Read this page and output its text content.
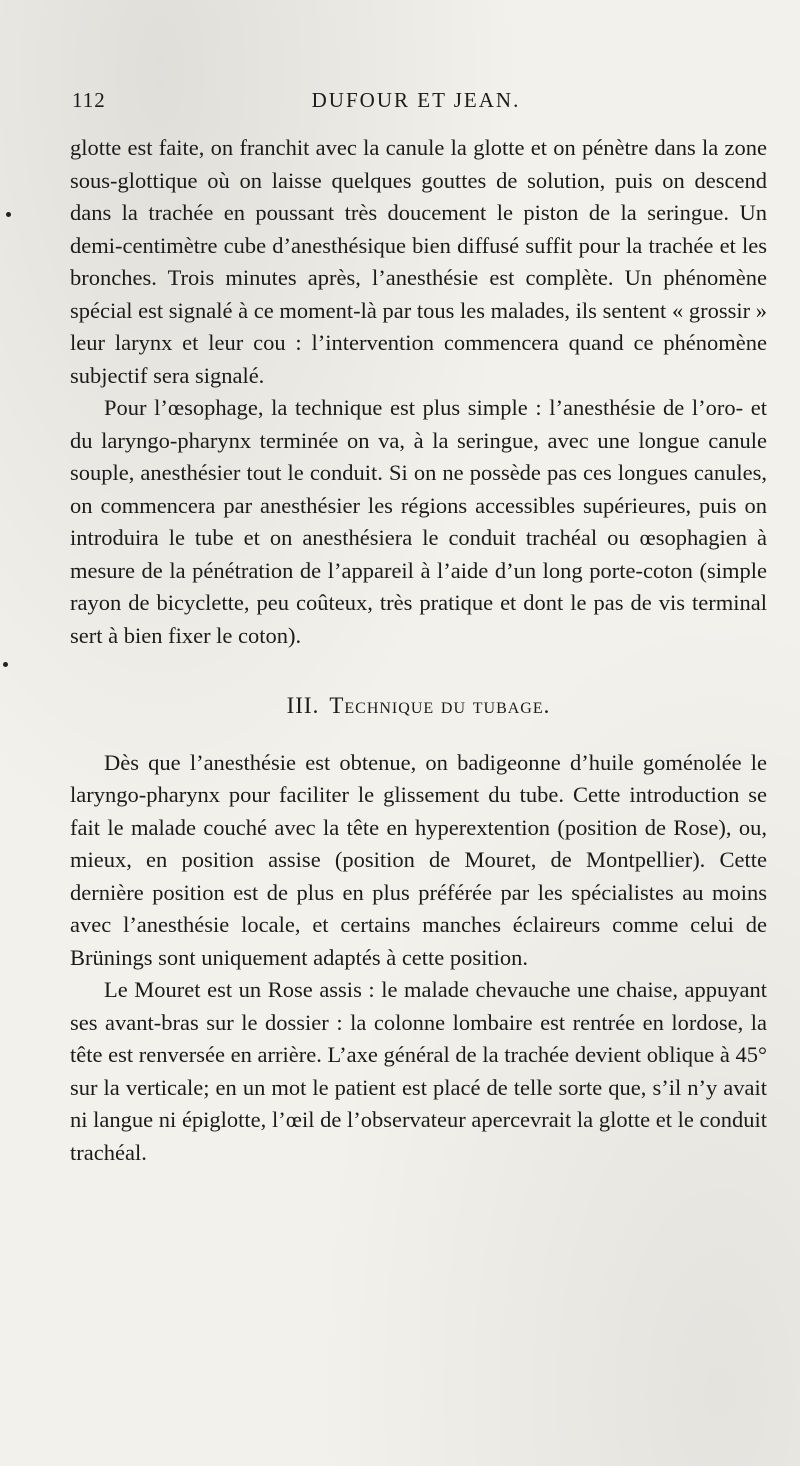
112	DUFOUR ET JEAN.

glotte est faite, on franchit avec la canule la glotte et on pénètre dans la zone sous-glottique où on laisse quelques gouttes de solution, puis on descend dans la trachée en poussant très doucement le piston de la seringue. Un demi-centimètre cube d’anesthésique bien diffusé suffit pour la trachée et les bronches. Trois minutes après, l’anesthésie est complète. Un phénomène spécial est signalé à ce moment-là par tous les malades, ils sentent « grossir » leur larynx et leur cou : l’intervention commencera quand ce phénomène subjectif sera signalé.

Pour l’œsophage, la technique est plus simple : l’anesthésie de l’oro- et du laryngo-pharynx terminée on va, à la seringue, avec une longue canule souple, anesthésier tout le conduit. Si on ne possède pas ces longues canules, on commencera par anesthésier les régions accessibles supérieures, puis on introduira le tube et on anesthésiera le conduit trachéal ou œsophagien à mesure de la pénétration de l’appareil à l’aide d’un long porte-coton (simple rayon de bicyclette, peu coûteux, très pratique et dont le pas de vis terminal sert à bien fixer le coton).

III. Technique du tubage.

Dès que l’anesthésie est obtenue, on badigeonne d’huile goménolée le laryngo-pharynx pour faciliter le glissement du tube. Cette introduction se fait le malade couché avec la tête en hyperextention (position de Rose), ou, mieux, en position assise (position de Mouret, de Montpellier). Cette dernière position est de plus en plus préférée par les spécialistes au moins avec l’anesthésie locale, et certains manches éclaireurs comme celui de Brünings sont uniquement adaptés à cette position.

Le Mouret est un Rose assis : le malade chevauche une chaise, appuyant ses avant-bras sur le dossier : la colonne lombaire est rentrée en lordose, la tête est renversée en arrière. L’axe général de la trachée devient oblique à 45° sur la verticale; en un mot le patient est placé de telle sorte que, s’il n’y avait ni langue ni épiglotte, l’œil de l’observateur apercevrait la glotte et le conduit trachéal.
